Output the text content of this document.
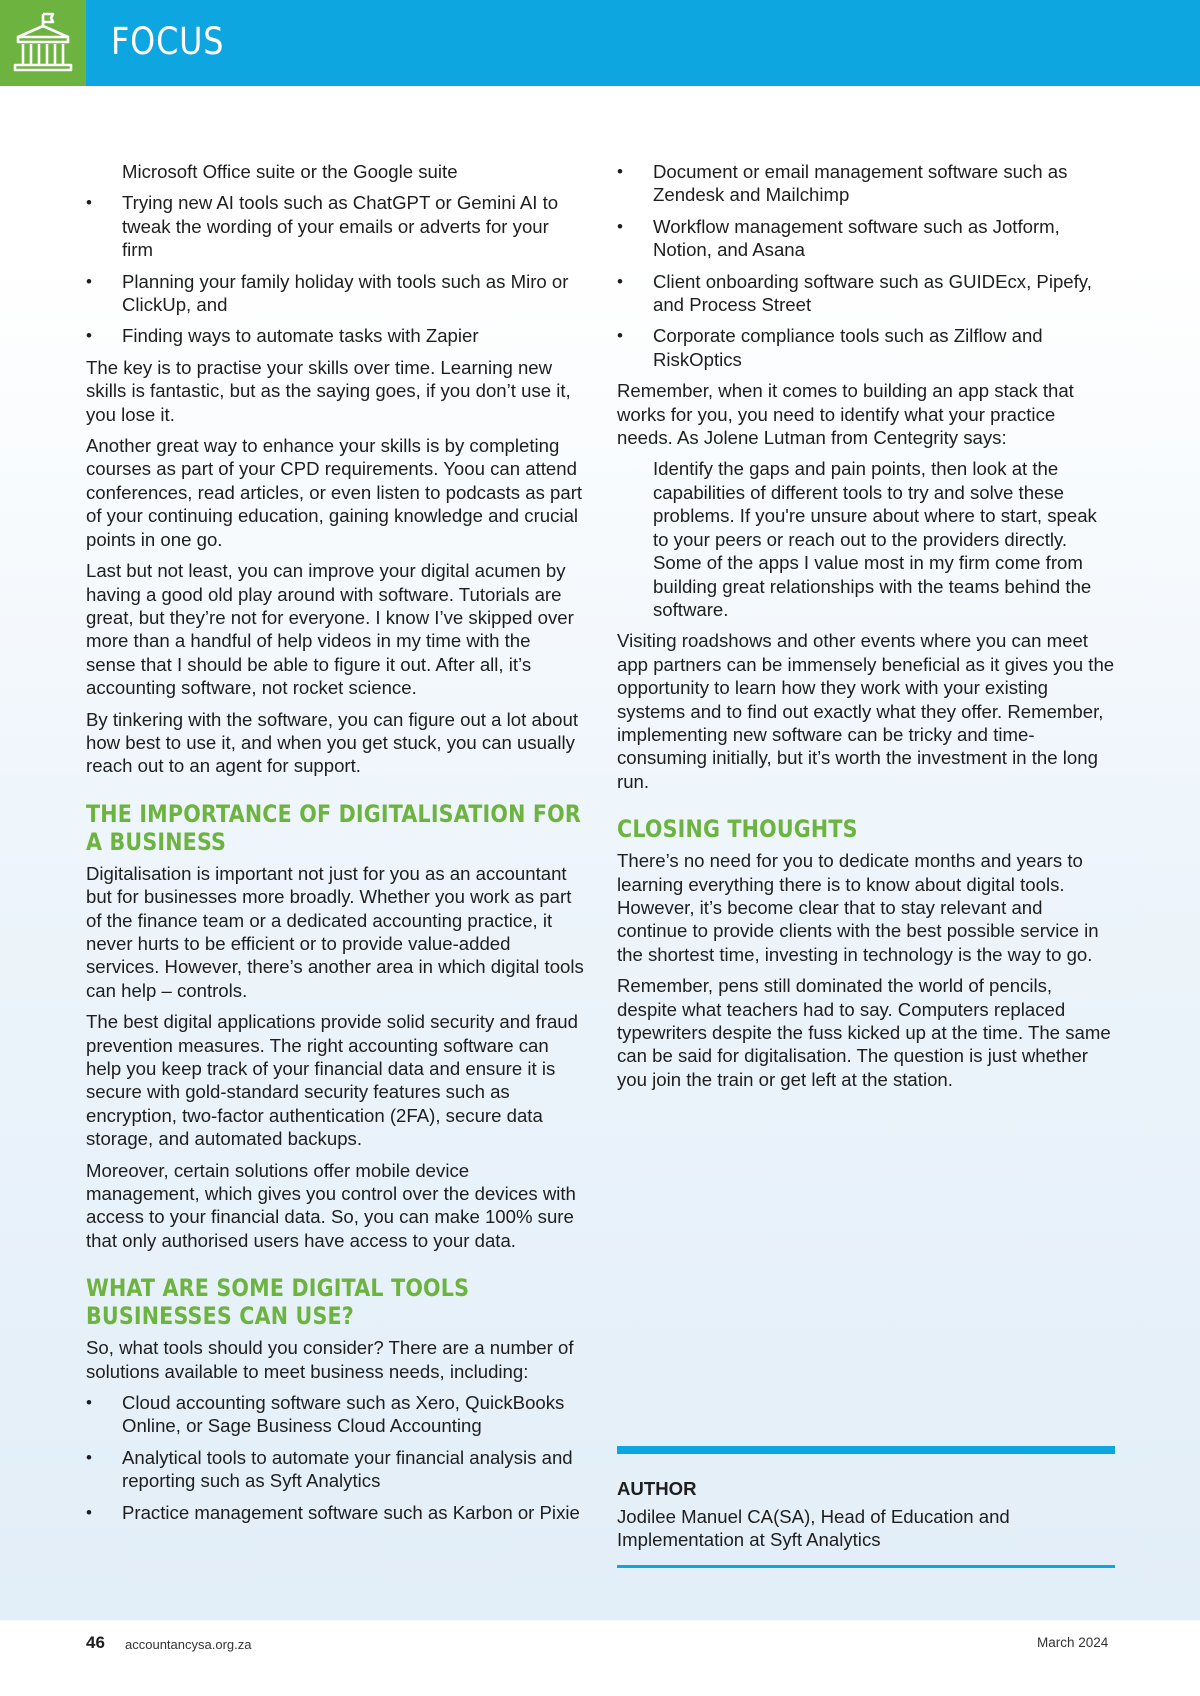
FOCUS

Microsoft Office suite or the Google suite

• Trying new AI tools such as ChatGPT or Gemini AI to tweak the wording of your emails or adverts for your firm
• Planning your family holiday with tools such as Miro or ClickUp, and
• Finding ways to automate tasks with Zapier

The key is to practise your skills over time. Learning new skills is fantastic, but as the saying goes, if you don’t use it, you lose it.

Another great way to enhance your skills is by completing courses as part of your CPD requirements. Yoou can attend conferences, read articles, or even listen to podcasts as part of your continuing education, gaining knowledge and crucial points in one go.

Last but not least, you can improve your digital acumen by having a good old play around with software. Tutorials are great, but they’re not for everyone. I know I’ve skipped over more than a handful of help videos in my time with the sense that I should be able to figure it out. After all, it’s accounting software, not rocket science.

By tinkering with the software, you can figure out a lot about how best to use it, and when you get stuck, you can usually reach out to an agent for support.

THE IMPORTANCE OF DIGITALISATION FOR A BUSINESS

Digitalisation is important not just for you as an accountant but for businesses more broadly. Whether you work as part of the finance team or a dedicated accounting practice, it never hurts to be efficient or to provide value-added services. However, there’s another area in which digital tools can help – controls.

The best digital applications provide solid security and fraud prevention measures. The right accounting software can help you keep track of your financial data and ensure it is secure with gold-standard security features such as encryption, two-factor authentication (2FA), secure data storage, and automated backups.

Moreover, certain solutions offer mobile device management, which gives you control over the devices with access to your financial data. So, you can make 100% sure that only authorised users have access to your data.

WHAT ARE SOME DIGITAL TOOLS BUSINESSES CAN USE?

So, what tools should you consider? There are a number of solutions available to meet business needs, including:

• Cloud accounting software such as Xero, QuickBooks Online, or Sage Business Cloud Accounting
• Analytical tools to automate your financial analysis and reporting such as Syft Analytics
• Practice management software such as Karbon or Pixie
• Document or email management software such as Zendesk and Mailchimp
• Workflow management software such as Jotform, Notion, and Asana
• Client onboarding software such as GUIDEcx, Pipefy, and Process Street
• Corporate compliance tools such as Zilflow and RiskOptics

Remember, when it comes to building an app stack that works for you, you need to identify what your practice needs. As Jolene Lutman from Centegrity says:

Identify the gaps and pain points, then look at the capabilities of different tools to try and solve these problems. If you're unsure about where to start, speak to your peers or reach out to the providers directly. Some of the apps I value most in my firm come from building great relationships with the teams behind the software.

Visiting roadshows and other events where you can meet app partners can be immensely beneficial as it gives you the opportunity to learn how they work with your existing systems and to find out exactly what they offer. Remember, implementing new software can be tricky and time-consuming initially, but it’s worth the investment in the long run.

CLOSING THOUGHTS

There’s no need for you to dedicate months and years to learning everything there is to know about digital tools. However, it’s become clear that to stay relevant and continue to provide clients with the best possible service in the shortest time, investing in technology is the way to go.

Remember, pens still dominated the world of pencils, despite what teachers had to say. Computers replaced typewriters despite the fuss kicked up at the time. The same can be said for digitalisation. The question is just whether you join the train or get left at the station.

AUTHOR
Jodilee Manuel CA(SA), Head of Education and Implementation at Syft Analytics
46 accountancysa.org.za	March 2024
